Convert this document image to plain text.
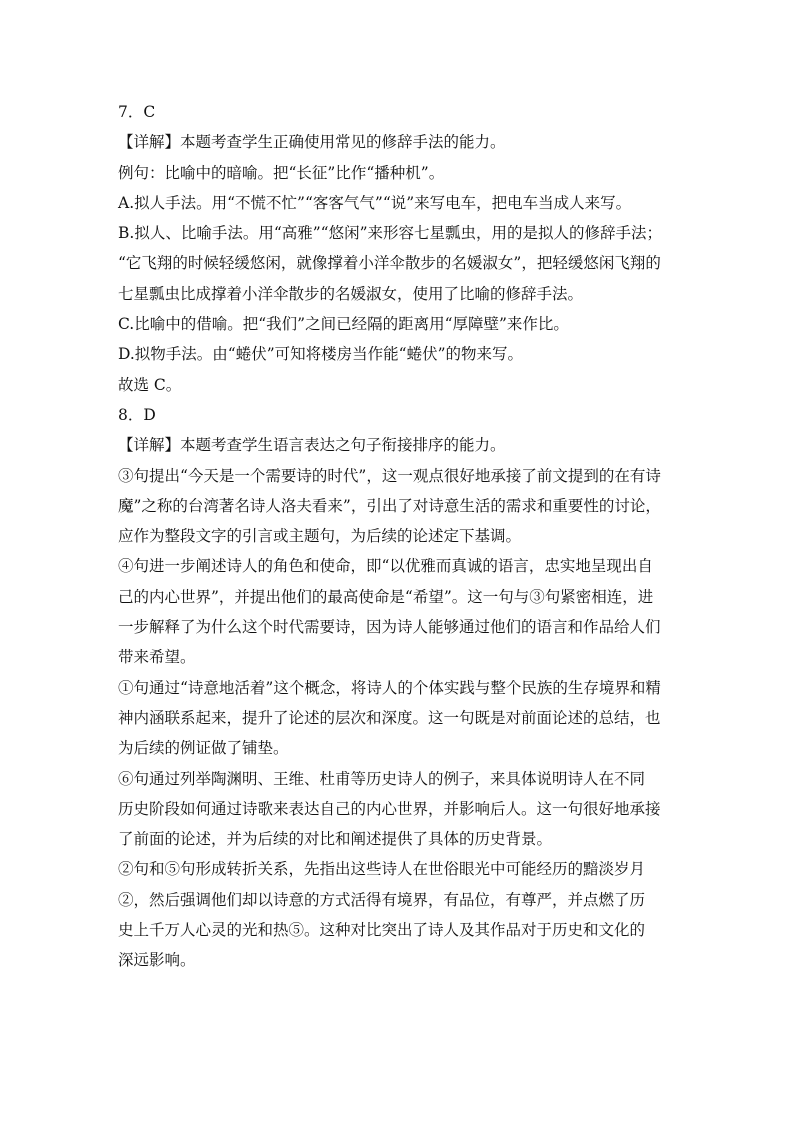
7．C
【详解】本题考查学生正确使用常见的修辞手法的能力。
例句：比喻中的暗喻。把“长征”比作“播种机”。
A.拟人手法。用“不慌不忙”“客客气气”“说”来写电车，把电车当成人来写。
B.拟人、比喻手法。用“高雅”“悠闲”来形容七星瓢虫，用的是拟人的修辞手法；
“它飞翔的时候轻缓悠闲，就像撑着小洋伞散步的名媛淑女”，把轻缓悠闲飞翔的
七星瓢虫比成撑着小洋伞散步的名媛淑女，使用了比喻的修辞手法。
C.比喻中的借喻。把“我们”之间已经隔的距离用“厚障壁”来作比。
D.拟物手法。由“蜷伏”可知将楼房当作能“蜷伏”的物来写。
故选 C。
8．D
【详解】本题考查学生语言表达之句子衔接排序的能力。
③句提出“今天是一个需要诗的时代”，这一观点很好地承接了前文提到的在有诗
魔”之称的台湾著名诗人洛夫看来”，引出了对诗意生活的需求和重要性的讨论，
应作为整段文字的引言或主题句，为后续的论述定下基调。
④句进一步阐述诗人的角色和使命，即“以优雅而真诚的语言，忠实地呈现出自
己的内心世界”，并提出他们的最高使命是“希望”。这一句与③句紧密相连，进
一步解释了为什么这个时代需要诗，因为诗人能够通过他们的语言和作品给人们
带来希望。
①句通过“诗意地活着”这个概念，将诗人的个体实践与整个民族的生存境界和精
神内涵联系起来，提升了论述的层次和深度。这一句既是对前面论述的总结，也
为后续的例证做了铺垫。
⑥句通过列举陶渊明、王维、杜甫等历史诗人的例子，来具体说明诗人在不同
历史阶段如何通过诗歌来表达自己的内心世界，并影响后人。这一句很好地承接
了前面的论述，并为后续的对比和阐述提供了具体的历史背景。
②句和⑤句形成转折关系，先指出这些诗人在世俗眼光中可能经历的黯淡岁月
②，然后强调他们却以诗意的方式活得有境界，有品位，有尊严，并点燃了历
史上千万人心灵的光和热⑤。这种对比突出了诗人及其作品对于历史和文化的
深远影响。
